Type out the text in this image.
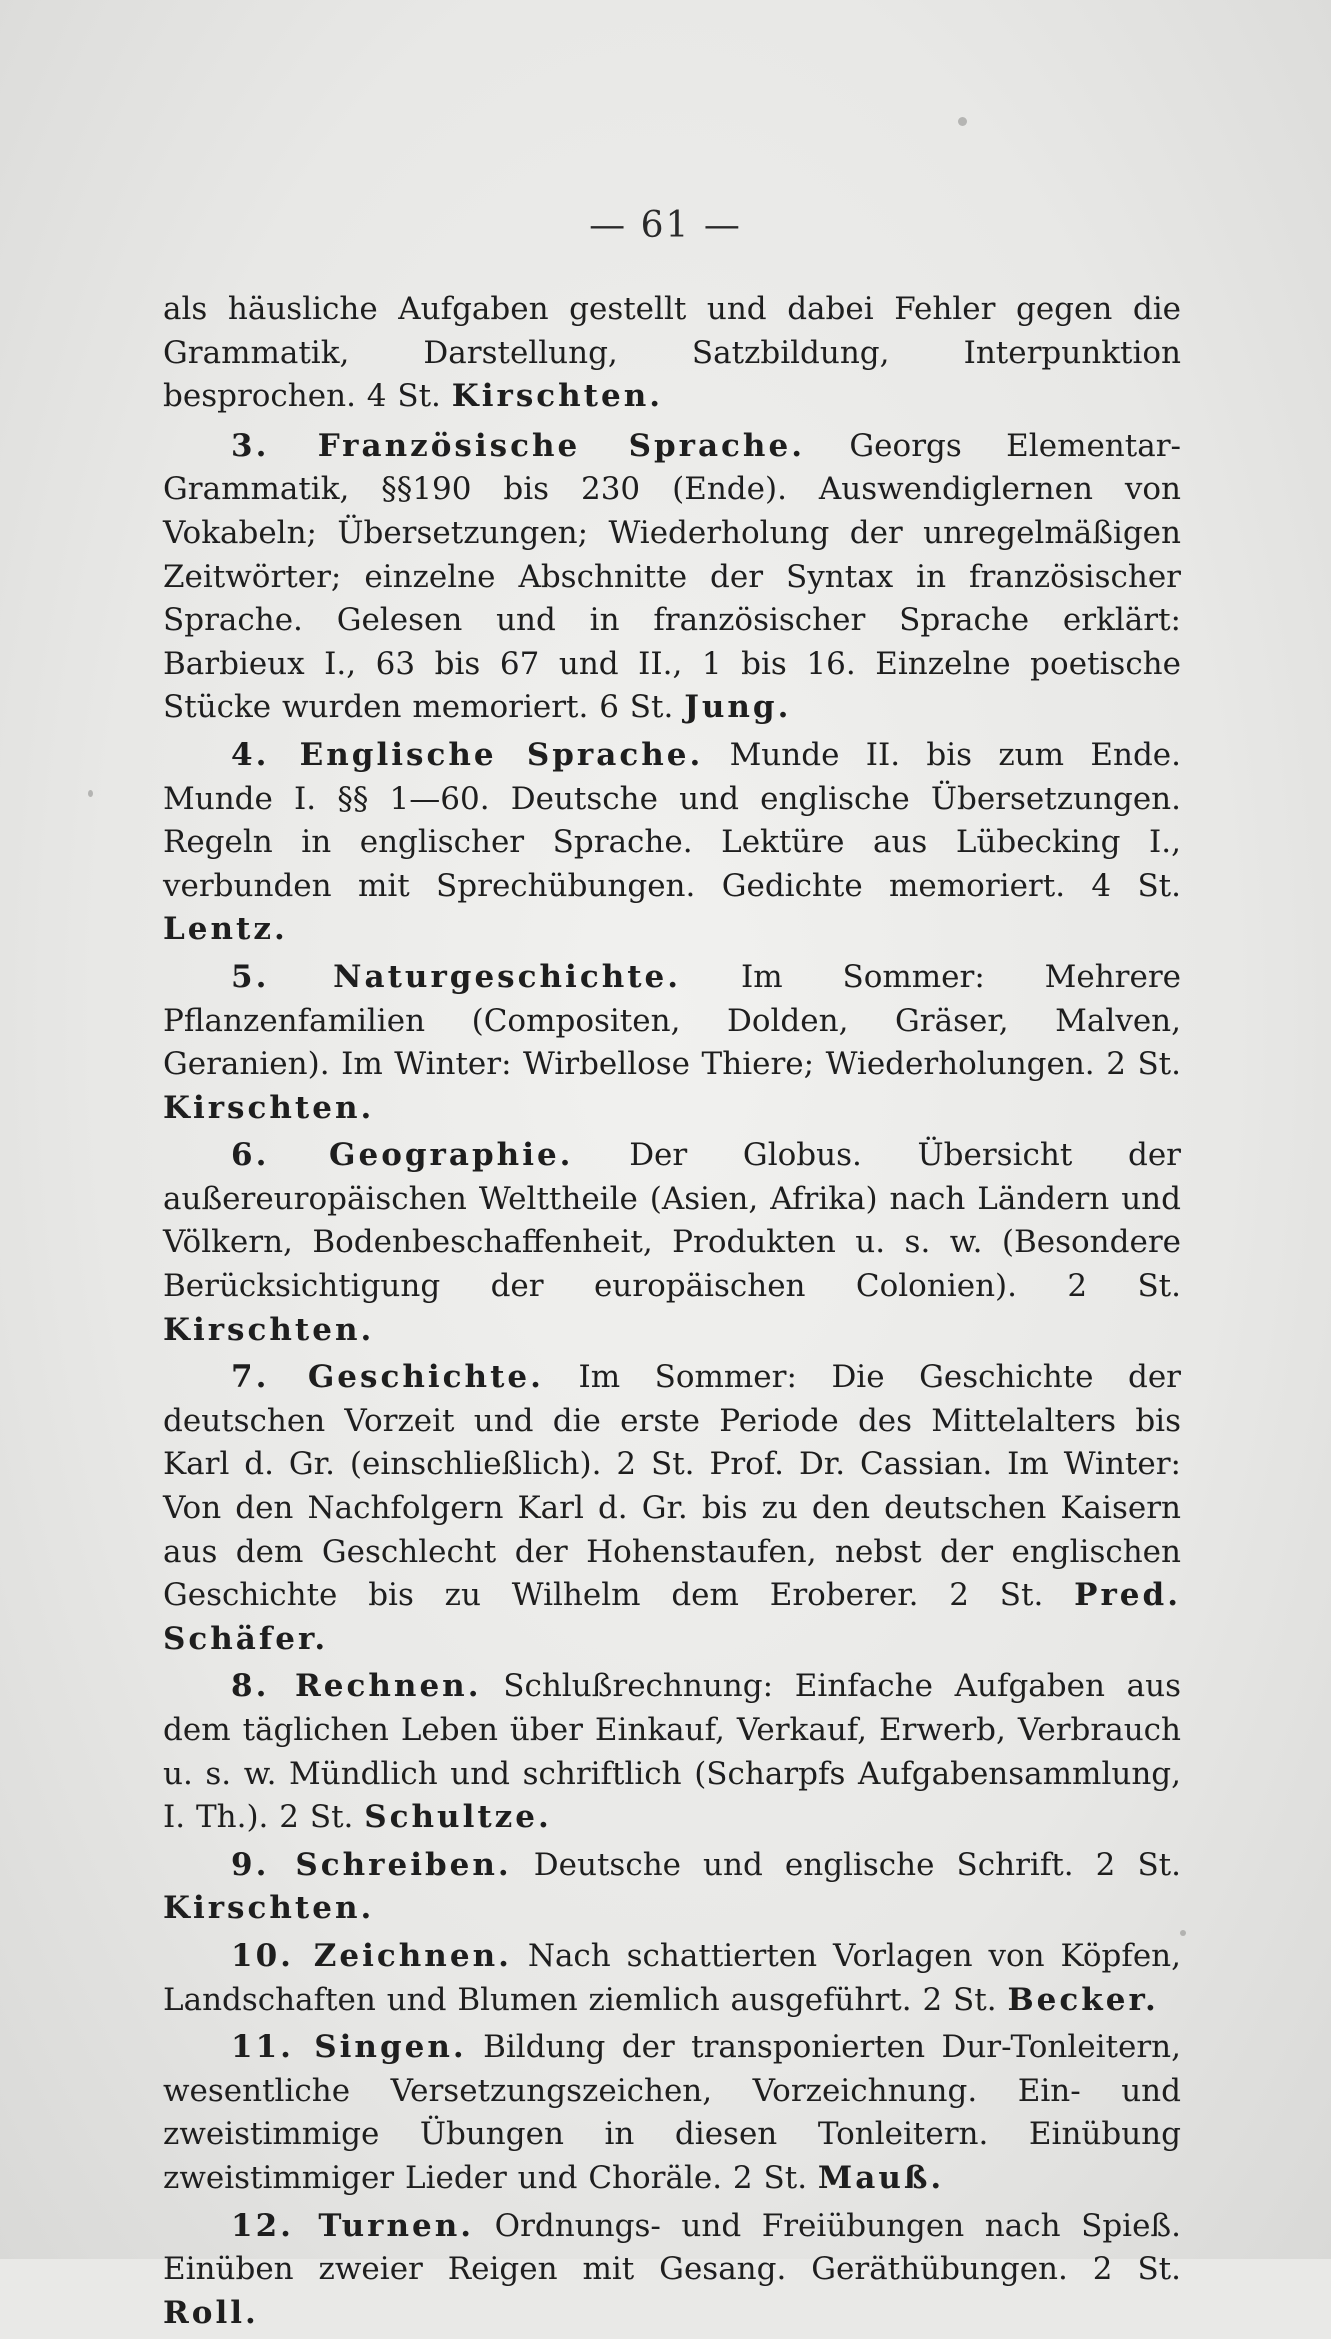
— 61 —

als häusliche Aufgaben gestellt und dabei Fehler gegen die Grammatik, Darstellung, Satzbildung, Interpunktion besprochen. 4 St. Kirschten.

3. Französische Sprache. Georgs Elementar-Grammatik, §§190 bis 230 (Ende). Auswendiglernen von Vokabeln; Übersetzungen; Wiederholung der unregelmäßigen Zeitwörter; einzelne Abschnitte der Syntax in französischer Sprache. Gelesen und in französischer Sprache erklärt: Barbieux I., 63 bis 67 und II., 1 bis 16. Einzelne poetische Stücke wurden memoriert. 6 St. Jung.

4. Englische Sprache. Munde II. bis zum Ende. Munde I. §§ 1—60. Deutsche und englische Übersetzungen. Regeln in englischer Sprache. Lektüre aus Lübecking I., verbunden mit Sprechübungen. Gedichte memoriert. 4 St. Lentz.

5. Naturgeschichte. Im Sommer: Mehrere Pflanzenfamilien (Compositen, Dolden, Gräser, Malven, Geranien). Im Winter: Wirbellose Thiere; Wiederholungen. 2 St. Kirschten.

6. Geographie. Der Globus. Übersicht der außereuropäischen Welttheile (Asien, Afrika) nach Ländern und Völkern, Bodenbeschaffenheit, Produkten u. s. w. (Besondere Berücksichtigung der europäischen Colonien). 2 St. Kirschten.

7. Geschichte. Im Sommer: Die Geschichte der deutschen Vorzeit und die erste Periode des Mittelalters bis Karl d. Gr. (einschließlich). 2 St. Prof. Dr. Cassian. Im Winter: Von den Nachfolgern Karl d. Gr. bis zu den deutschen Kaisern aus dem Geschlecht der Hohenstaufen, nebst der englischen Geschichte bis zu Wilhelm dem Eroberer. 2 St. Pred. Schäfer.

8. Rechnen. Schlußrechnung: Einfache Aufgaben aus dem täglichen Leben über Einkauf, Verkauf, Erwerb, Verbrauch u. s. w. Mündlich und schriftlich (Scharpfs Aufgabensammlung, I. Th.). 2 St. Schultze.

9. Schreiben. Deutsche und englische Schrift. 2 St. Kirschten.

10. Zeichnen. Nach schattierten Vorlagen von Köpfen, Landschaften und Blumen ziemlich ausgeführt. 2 St. Becker.

11. Singen. Bildung der transponierten Dur-Tonleitern, wesentliche Versetzungszeichen, Vorzeichnung. Ein- und zweistimmige Übungen in diesen Tonleitern. Einübung zweistimmiger Lieder und Choräle. 2 St. Mauß.

12. Turnen. Ordnungs- und Freiübungen nach Spieß. Einüben zweier Reigen mit Gesang. Geräthübungen. 2 St. Roll.
